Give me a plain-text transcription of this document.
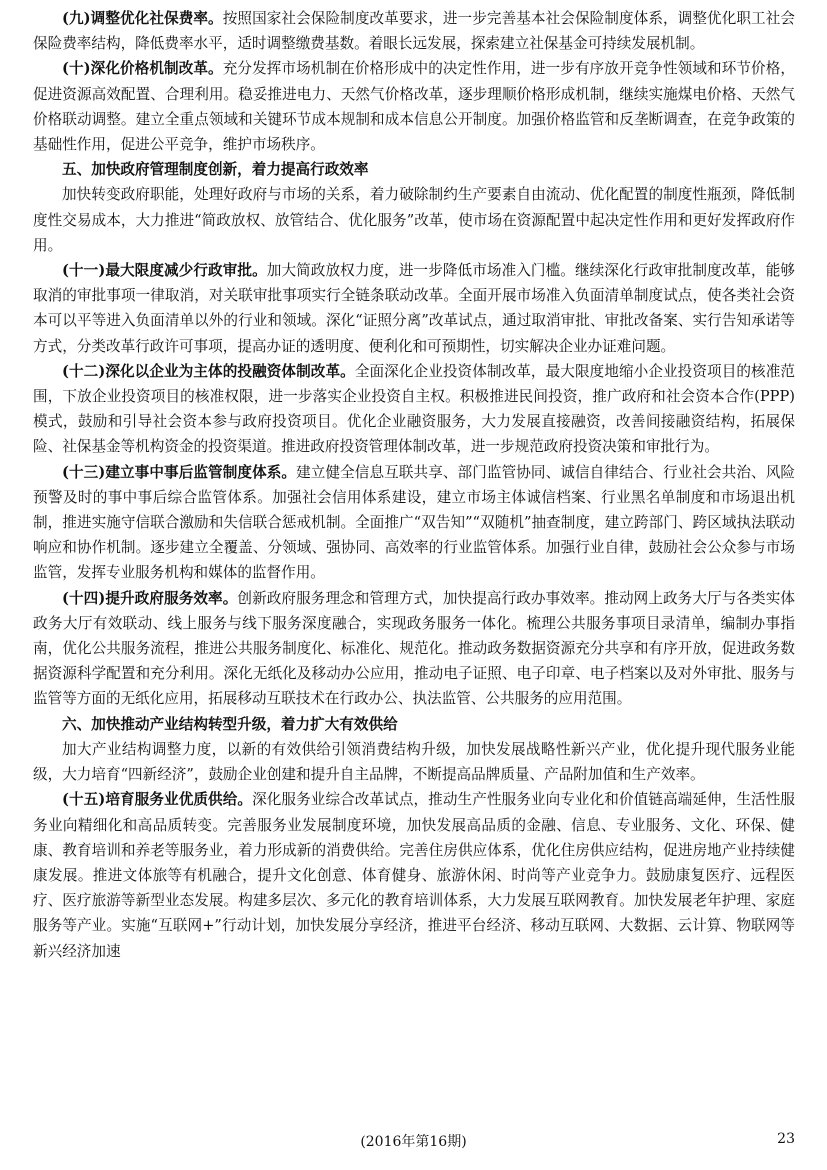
(九)调整优化社保费率。按照国家社会保险制度改革要求，进一步完善基本社会保险制度体系，调整优化职工社会保险费率结构，降低费率水平，适时调整缴费基数。着眼长远发展，探索建立社保基金可持续发展机制。

(十)深化价格机制改革。充分发挥市场机制在价格形成中的决定性作用，进一步有序放开竞争性领域和环节价格，促进资源高效配置、合理利用。稳妥推进电力、天然气价格改革，逐步理顺价格形成机制，继续实施煤电价格、天然气价格联动调整。建立全重点领域和关键环节成本规制和成本信息公开制度。加强价格监管和反垄断调查，在竞争政策的基础性作用，促进公平竞争，维护市场秩序。

五、加快政府管理制度创新，着力提高行政效率

加快转变政府职能，处理好政府与市场的关系，着力破除制约生产要素自由流动、优化配置的制度性瓶颈，降低制度性交易成本，大力推进“简政放权、放管结合、优化服务”改革，使市场在资源配置中起决定性作用和更好发挥政府作用。

(十一)最大限度减少行政审批。加大简政放权力度，进一步降低市场准入门槛。继续深化行政审批制度改革，能够取消的审批事项一律取消，对关联审批事项实行全链条联动改革。全面开展市场准入负面清单制度试点，使各类社会资本可以平等进入负面清单以外的行业和领域。深化“证照分离”改革试点，通过取消审批、审批改备案、实行告知承诺等方式，分类改革行政许可事项，提高办证的透明度、便利化和可预期性，切实解决企业办证难问题。

(十二)深化以企业为主体的投融资体制改革。全面深化企业投资体制改革，最大限度地缩小企业投资项目的核准范围，下放企业投资项目的核准权限，进一步落实企业投资自主权。积极推进民间投资，推广政府和社会资本合作(PPP)模式，鼓励和引导社会资本参与政府投资项目。优化企业融资服务，大力发展直接融资，改善间接融资结构，拓展保险、社保基金等机构资金的投资渠道。推进政府投资管理体制改革，进一步规范政府投资决策和审批行为。

(十三)建立事中事后监管制度体系。建立健全信息互联共享、部门监管协同、诚信自律结合、行业社会共治、风险预警及时的事中事后综合监管体系。加强社会信用体系建设，建立市场主体诚信档案、行业黑名单制度和市场退出机制，推进实施守信联合激励和失信联合惩戒机制。全面推广“双告知”“双随机”抽查制度，建立跨部门、跨区域执法联动响应和协作机制。逐步建立全覆盖、分领域、强协同、高效率的行业监管体系。加强行业自律，鼓励社会公众参与市场监管，发挥专业服务机构和媒体的监督作用。

(十四)提升政府服务效率。创新政府服务理念和管理方式，加快提高行政办事效率。推动网上政务大厅与各类实体政务大厅有效联动、线上服务与线下服务深度融合，实现政务服务一体化。梳理公共服务事项目录清单，编制办事指南，优化公共服务流程，推进公共服务制度化、标准化、规范化。推动政务数据资源充分共享和有序开放，促进政务数据资源科学配置和充分利用。深化无纸化及移动办公应用，推动电子证照、电子印章、电子档案以及对外审批、服务与监管等方面的无纸化应用，拓展移动互联技术在行政办公、执法监管、公共服务的应用范围。

六、加快推动产业结构转型升级，着力扩大有效供给

加大产业结构调整力度，以新的有效供给引领消费结构升级，加快发展战略性新兴产业，优化提升现代服务业能级，大力培育“四新经济”，鼓励企业创建和提升自主品牌，不断提高品牌质量、产品附加值和生产效率。

(十五)培育服务业优质供给。深化服务业综合改革试点，推动生产性服务业向专业化和价值链高端延伸，生活性服务业向精细化和高品质转变。完善服务业发展制度环境，加快发展高品质的金融、信息、专业服务、文化、环保、健康、教育培训和养老等服务业，着力形成新的消费供给。完善住房供应体系，优化住房供应结构，促进房地产业持续健康发展。推进文体旅等有机融合，提升文化创意、体育健身、旅游休闲、时尚等产业竞争力。鼓励康复医疗、远程医疗、医疗旅游等新型业态发展。构建多层次、多元化的教育培训体系，大力发展互联网教育。加快发展老年护理、家庭服务等产业。实施“互联网+”行动计划，加快发展分享经济，推进平台经济、移动互联网、大数据、云计算、物联网等新兴经济加速

(2016年第16期)	23
